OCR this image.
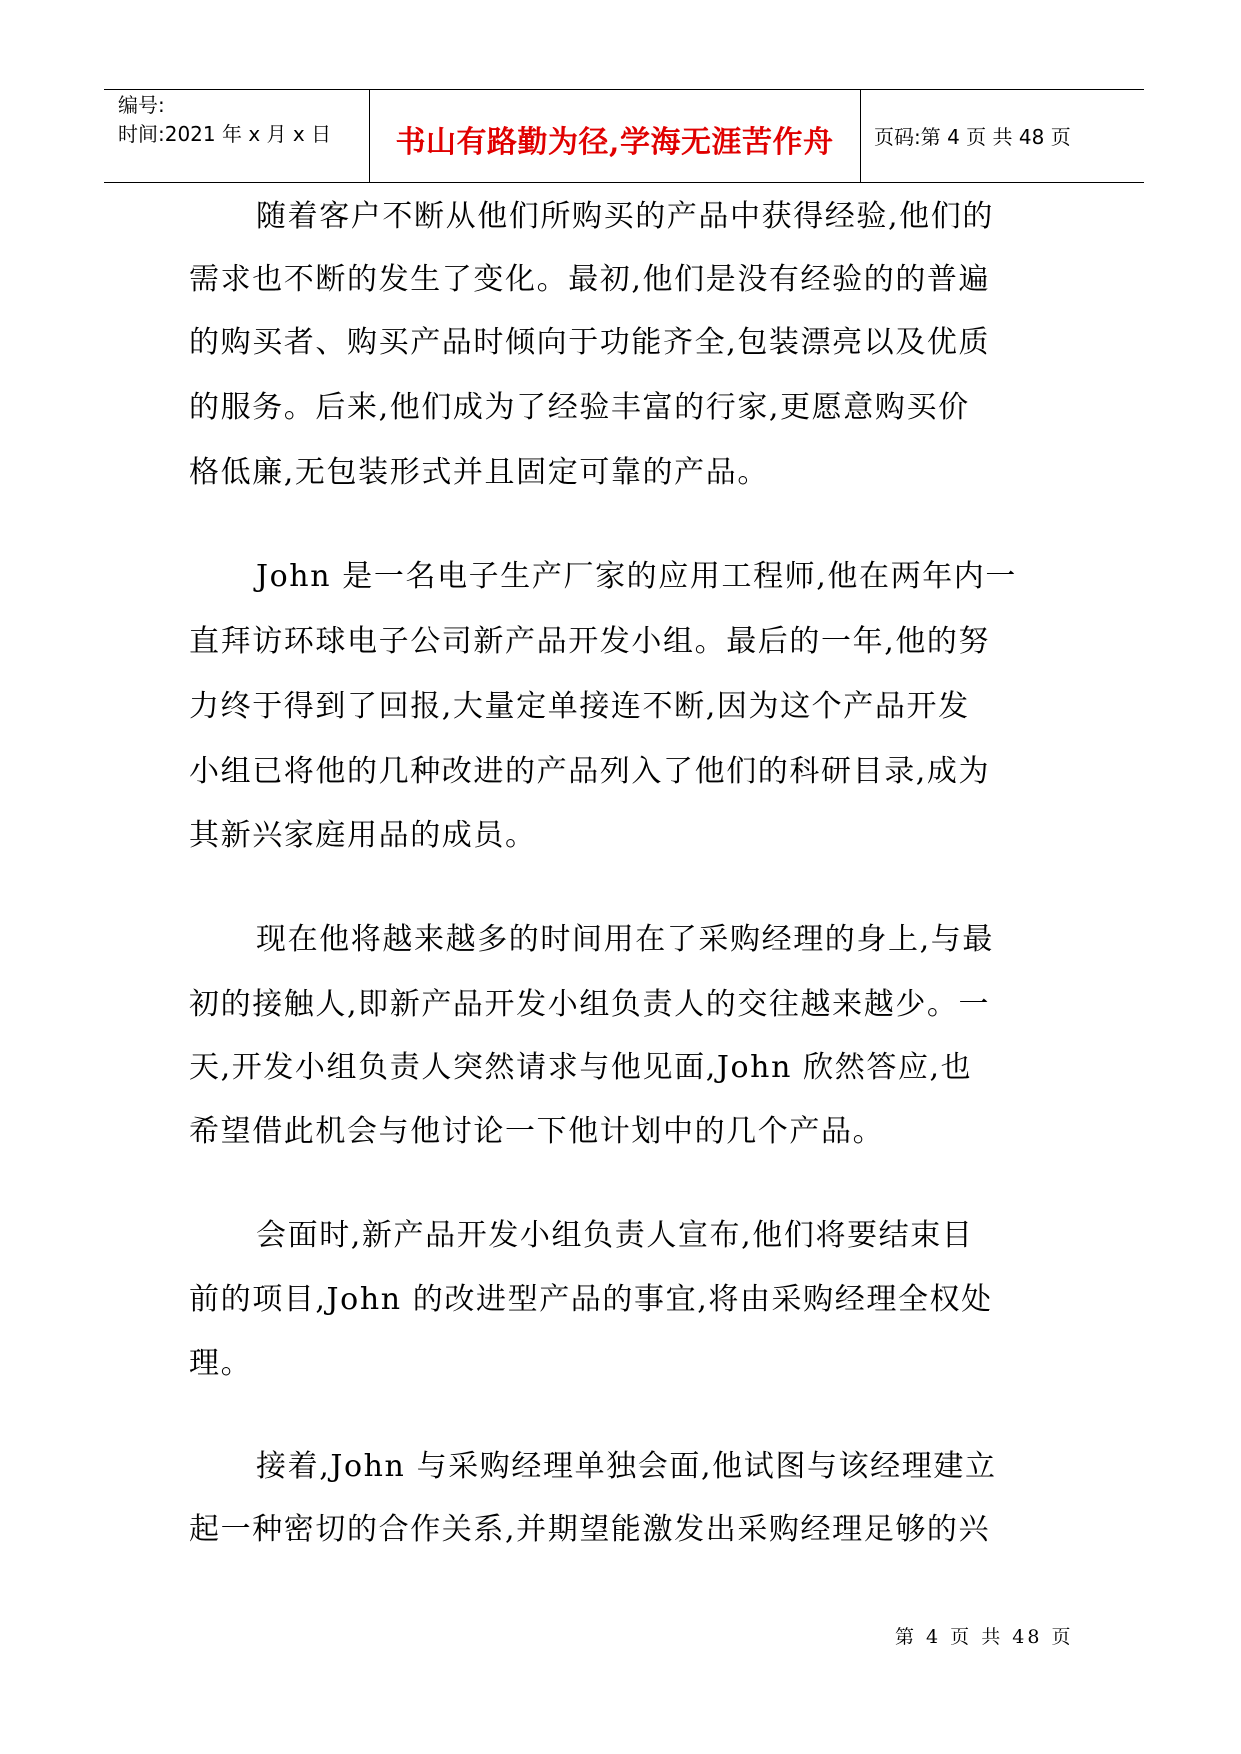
编号:
时间:2021 年 x 月 x 日	书山有路勤为径,学海无涯苦作舟	页码:第 4 页 共 48 页
随着客户不断从他们所购买的产品中获得经验,他们的
需求也不断的发生了变化。最初,他们是没有经验的的普遍
的购买者、购买产品时倾向于功能齐全,包装漂亮以及优质
的服务。后来,他们成为了经验丰富的行家,更愿意购买价
格低廉,无包装形式并且固定可靠的产品。
John 是一名电子生产厂家的应用工程师,他在两年内一
直拜访环球电子公司新产品开发小组。最后的一年,他的努
力终于得到了回报,大量定单接连不断,因为这个产品开发
小组已将他的几种改进的产品列入了他们的科研目录,成为
其新兴家庭用品的成员。
现在他将越来越多的时间用在了采购经理的身上,与最
初的接触人,即新产品开发小组负责人的交往越来越少。一
天,开发小组负责人突然请求与他见面,John 欣然答应,也
希望借此机会与他讨论一下他计划中的几个产品。
会面时,新产品开发小组负责人宣布,他们将要结束目
前的项目,John 的改进型产品的事宜,将由采购经理全权处
理。
接着,John 与采购经理单独会面,他试图与该经理建立
起一种密切的合作关系,并期望能激发出采购经理足够的兴
第 4 页 共 48 页
